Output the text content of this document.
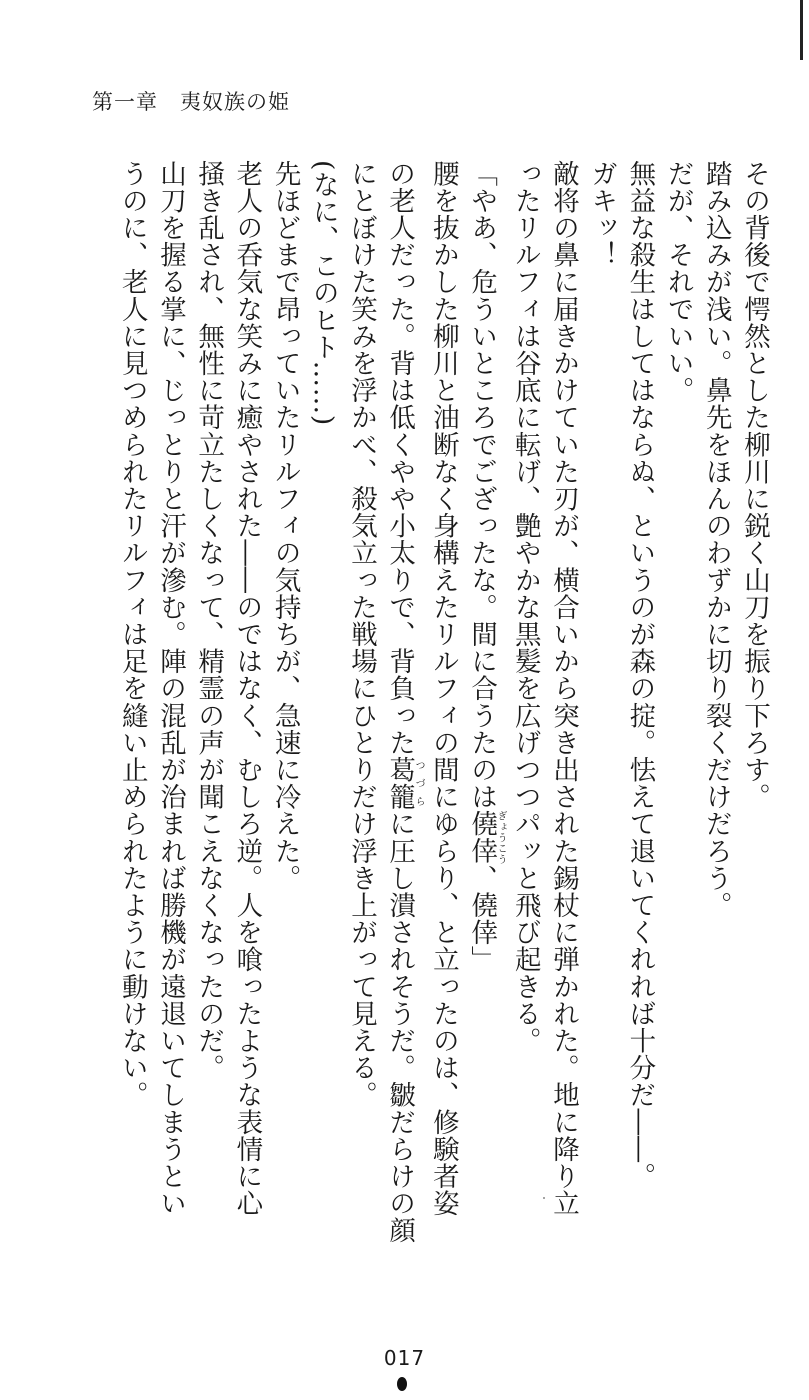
第一章　夷奴族の姫

その背後で愕然とした柳川に鋭く山刀を振り下ろす。

踏み込みが浅い。鼻先をほんのわずかに切り裂くだけだろう。

だが、それでいい。

無益な殺生はしてはならぬ、というのが森の掟。怯えて退いてくれれば十分だ――。

ガキッ！

敵将の鼻に届きかけていた刃が、横合いから突き出された錫杖に弾かれた。地に降り立

ったリルフィは谷底に転げ、艶やかな黒髪を広げつつパッと飛び起きる。

「やあ、危ういところでござったな。間に合うたのは僥倖ぎょうこう、僥倖」

腰を抜かした柳川と油断なく身構えたリルフィの間にゆらり、と立ったのは、修験者姿

の老人だった。背は低くやや小太りで、背負った葛籠つづらに圧し潰されそうだ。皺だらけの顔

にとぼけた笑みを浮かべ、殺気立った戦場にひとりだけ浮き上がって見える。

(なに、このヒト……)

先ほどまで昂っていたリルフィの気持ちが、急速に冷えた。

老人の呑気な笑みに癒やされた――のではなく、むしろ逆。人を喰ったような表情に心

掻き乱され、無性に苛立たしくなって、精霊の声が聞こえなくなったのだ。

山刀を握る掌に、じっとりと汗が滲む。陣の混乱が治まれば勝機が遠退いてしまうとい

うのに、老人に見つめられたリルフィは足を縫い止められたように動けない。

017
